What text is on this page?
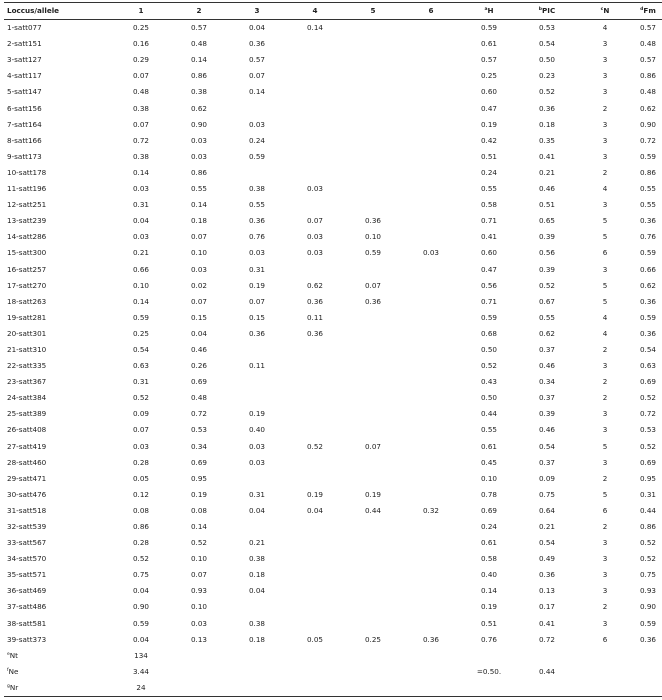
Loccus/allele	1	2	3	4	5	6	$^a$H	$^b$PIC	$^c$N	$^d$Fm
1-satt077	0.25	0.57	0.04	0.14			0.59	0.53	4	0.57
2-satt151	0.16	0.48	0.36				0.61	0.54	3	0.48
3-satt127	0.29	0.14	0.57				0.57	0.50	3	0.57
4-satt117	0.07	0.86	0.07				0.25	0.23	3	0.86
5-satt147	0.48	0.38	0.14				0.60	0.52	3	0.48
6-satt156	0.38	0.62					0.47	0.36	2	0.62
7-satt164	0.07	0.90	0.03				0.19	0.18	3	0.90
8-satt166	0.72	0.03	0.24				0.42	0.35	3	0.72
9-satt173	0.38	0.03	0.59				0.51	0.41	3	0.59
10-satt178	0.14	0.86					0.24	0.21	2	0.86
11-satt196	0.03	0.55	0.38	0.03			0.55	0.46	4	0.55
12-satt251	0.31	0.14	0.55				0.58	0.51	3	0.55
13-satt239	0.04	0.18	0.36	0.07	0.36		0.71	0.65	5	0.36
14-satt286	0.03	0.07	0.76	0.03	0.10		0.41	0.39	5	0.76
15-satt300	0.21	0.10	0.03	0.03	0.59	0.03	0.60	0.56	6	0.59
16-satt257	0.66	0.03	0.31				0.47	0.39	3	0.66
17-satt270	0.10	0.02	0.19	0.62	0.07		0.56	0.52	5	0.62
18-satt263	0.14	0.07	0.07	0.36	0.36		0.71	0.67	5	0.36
19-satt281	0.59	0.15	0.15	0.11			0.59	0.55	4	0.59
20-satt301	0.25	0.04	0.36	0.36			0.68	0.62	4	0.36
21-satt310	0.54	0.46					0.50	0.37	2	0.54
22-satt335	0.63	0.26	0.11				0.52	0.46	3	0.63
23-satt367	0.31	0.69					0.43	0.34	2	0.69
24-satt384	0.52	0.48					0.50	0.37	2	0.52
25-satt389	0.09	0.72	0.19				0.44	0.39	3	0.72
26-satt408	0.07	0.53	0.40				0.55	0.46	3	0.53
27-satt419	0.03	0.34	0.03	0.52	0.07		0.61	0.54	5	0.52
28-satt460	0.28	0.69	0.03				0.45	0.37	3	0.69
29-satt471	0.05	0.95					0.10	0.09	2	0.95
30-satt476	0.12	0.19	0.31	0.19	0.19		0.78	0.75	5	0.31
31-satt518	0.08	0.08	0.04	0.04	0.44	0.32	0.69	0.64	6	0.44
32-satt539	0.86	0.14					0.24	0.21	2	0.86
33-satt567	0.28	0.52	0.21				0.61	0.54	3	0.52
34-satt570	0.52	0.10	0.38				0.58	0.49	3	0.52
35-satt571	0.75	0.07	0.18				0.40	0.36	3	0.75
36-satt469	0.04	0.93	0.04				0.14	0.13	3	0.93
37-satt486	0.90	0.10					0.19	0.17	2	0.90
38-satt581	0.59	0.03	0.38				0.51	0.41	3	0.59
39-satt373	0.04	0.13	0.18	0.05	0.25	0.36	0.76	0.72	6	0.36
$^e$Nt	134									
$^f$Ne	3.44						=0.50.	0.44		
$^g$Nr	24									
